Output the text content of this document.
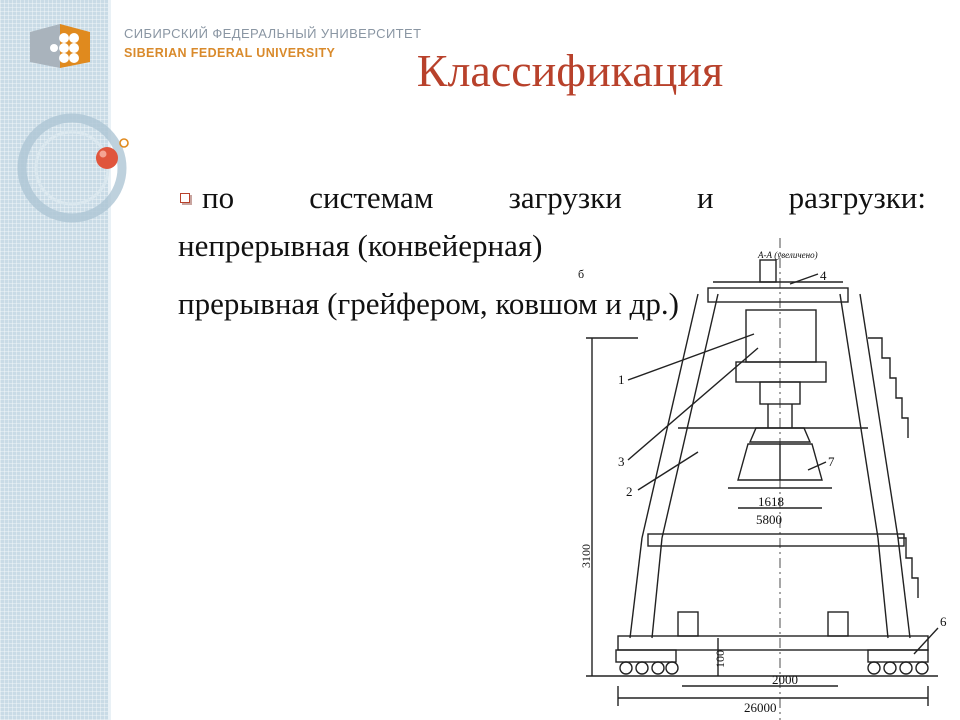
СИБИРСКИЙ ФЕДЕРАЛЬНЫЙ УНИВЕРСИТЕТ
SIBERIAN FEDERAL UNIVERSITY	Классификация
по системам загрузки и разгрузки:
непрерывная (конвейерная)	А-А (увеличено)
б
1
3
2
4
7
6
1618
5800
3100
100
2000
26000
прерывная (грейфером, ковшом и др.)
